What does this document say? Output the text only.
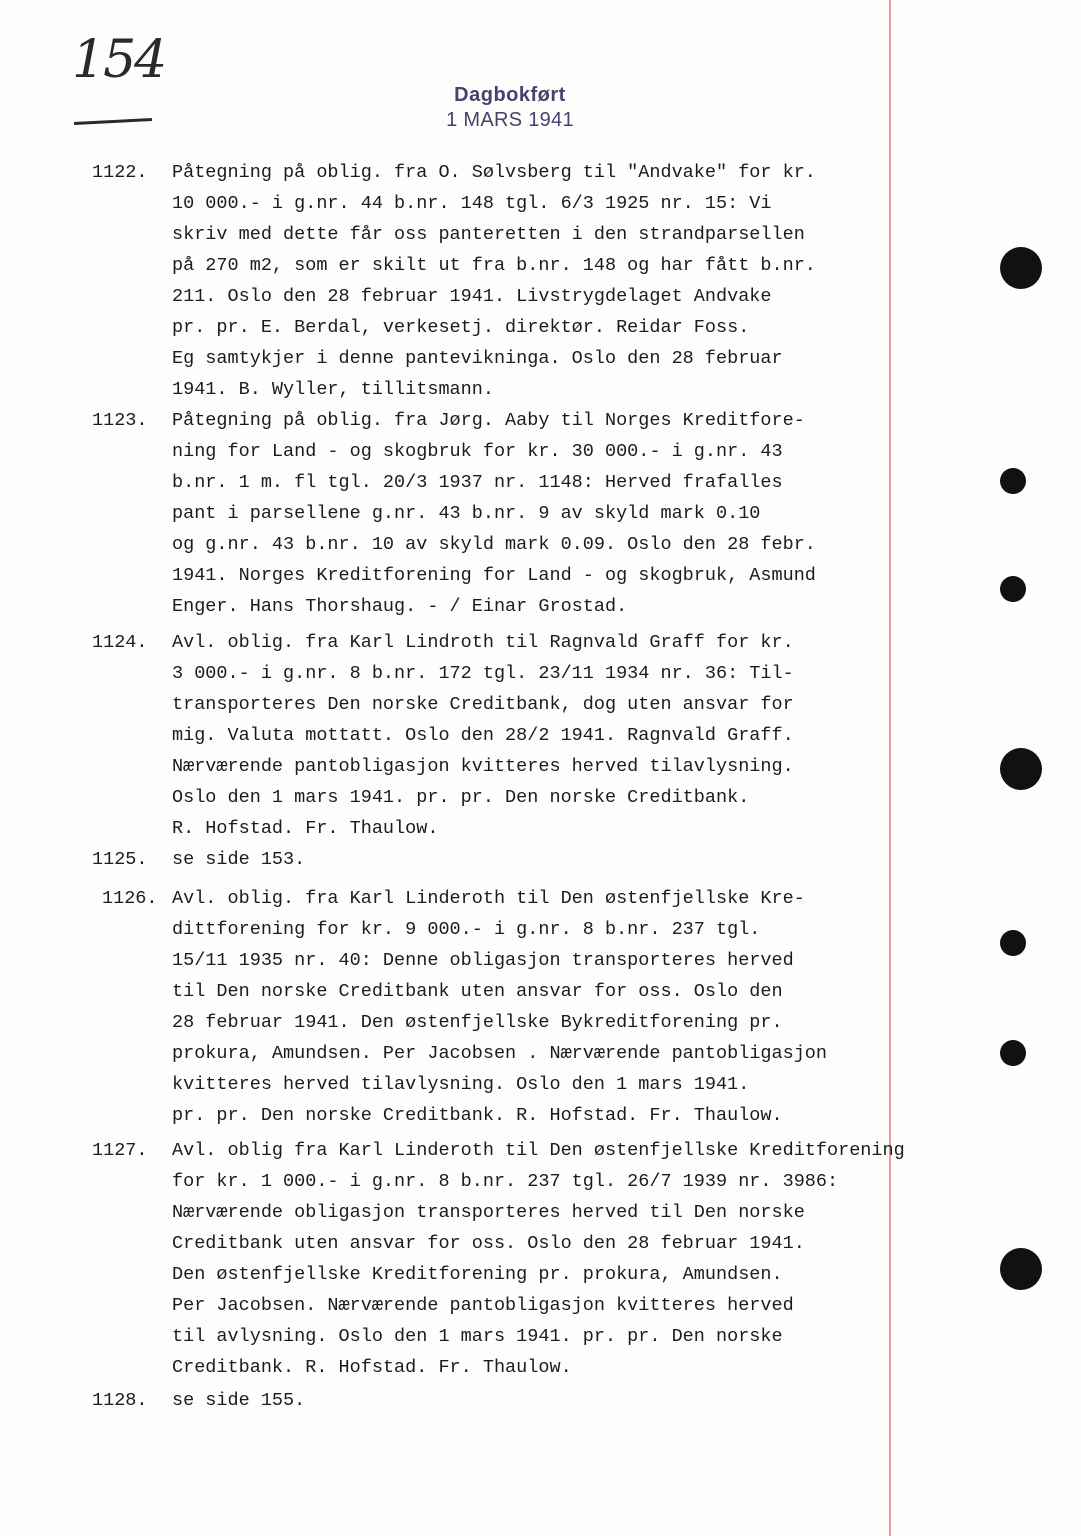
154
Dagbokført
1 MARS 1941
1122. Påtegning på oblig. fra O. Sølvsberg til "Andvake" for kr.
10 000.- i g.nr. 44 b.nr. 148 tgl. 6/3 1925 nr. 15: Vi
skriv med dette får oss panteretten i den strandparsellen
på 270 m2, som er skilt ut fra b.nr. 148 og har fått b.nr.
211. Oslo den 28 februar 1941. Livstrygdelaget Andvake
pr. pr. E. Berdal, verkesetj. direktør. Reidar Foss.
Eg samtykjer i denne pantevikninga. Oslo den 28 februar
1941. B. Wyller, tillitsmann.
1123. Påtegning på oblig. fra Jørg. Aaby til Norges Kreditfore-
ning for Land - og skogbruk for kr. 30 000.- i g.nr. 43
b.nr. 1 m. fl tgl. 20/3 1937 nr. 1148: Herved frafalles
pant i parsellene g.nr. 43 b.nr. 9 av skyld mark 0.10
og g.nr. 43 b.nr. 10 av skyld mark 0.09. Oslo den 28 febr.
1941. Norges Kreditforening for Land - og skogbruk, Asmund
Enger. Hans Thorshaug. - / Einar Grostad.
1124. Avl. oblig. fra Karl Lindroth til Ragnvald Graff for kr.
3 000.- i g.nr. 8 b.nr. 172 tgl. 23/11 1934 nr. 36: Til-
transporteres Den norske Creditbank, dog uten ansvar for
mig. Valuta mottatt. Oslo den 28/2 1941. Ragnvald Graff.
Nærværende pantobligasjon kvitteres herved tilavlysning.
Oslo den 1 mars 1941. pr. pr. Den norske Creditbank.
R. Hofstad. Fr. Thaulow.
1125. se side 153.
1126. Avl. oblig. fra Karl Linderoth til Den østenfjellske Kre-
dittforening for kr. 9 000.- i g.nr. 8 b.nr. 237 tgl.
15/11 1935 nr. 40: Denne obligasjon transporteres herved
til Den norske Creditbank uten ansvar for oss. Oslo den
28 februar 1941. Den østenfjellske Bykreditforening pr.
prokura, Amundsen. Per Jacobsen . Nærværende pantobligasjon
kvitteres herved tilavlysning. Oslo den 1 mars 1941.
pr. pr. Den norske Creditbank. R. Hofstad. Fr. Thaulow.
1127. Avl. oblig fra Karl Linderoth til Den østenfjellske Kreditforening
for kr. 1 000.- i g.nr. 8 b.nr. 237 tgl. 26/7 1939 nr. 3986:
Nærværende obligasjon transporteres herved til Den norske
Creditbank uten ansvar for oss. Oslo den 28 februar 1941.
Den østenfjellske Kreditforening pr. prokura, Amundsen.
Per Jacobsen. Nærværende pantobligasjon kvitteres herved
til avlysning. Oslo den 1 mars 1941. pr. pr. Den norske
Creditbank. R. Hofstad. Fr. Thaulow.
1128. se side 155.
